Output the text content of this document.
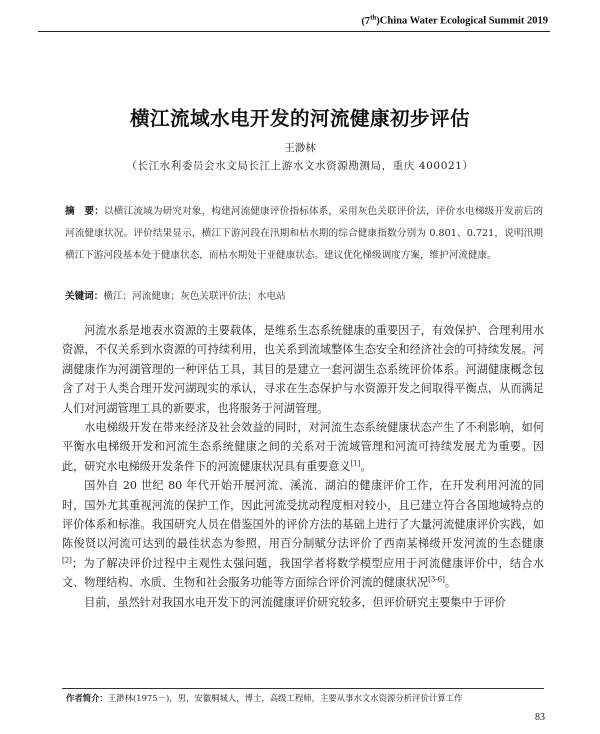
(7th)China Water Ecological Summit 2019
横江流域水电开发的河流健康初步评估
王渺林
（长江水利委员会水文局长江上游水文水资源勘测局，重庆 400021）
摘　要：以横江流域为研究对象，构建河流健康评价指标体系，采用灰色关联评价法，评价水电梯级开发前后的河流健康状况。评价结果显示，横江下游河段在汛期和枯水期的综合健康指数分别为 0.801、0.721，说明汛期横江下游河段基本处于健康状态，而枯水期处于亚健康状态。建议优化梯级调度方案，维护河流健康。
关键词：横江；河流健康；灰色关联评价法；水电站

河流水系是地表水资源的主要载体，是维系生态系统健康的重要因子，有效保护、合理利用水资源，不仅关系到水资源的可持续利用，也关系到流域整体生态安全和经济社会的可持续发展。河湖健康作为河湖管理的一种评估工具，其目的是建立一套河湖生态系统评价体系。河湖健康概念包含了对于人类合理开发河湖现实的承认，寻求在生态保护与水资源开发之间取得平衡点，从而满足人们对河湖管理工具的新要求，也将服务于河湖管理。

水电梯级开发在带来经济及社会效益的同时，对河流生态系统健康状态产生了不利影响，如何平衡水电梯级开发和河流生态系统健康之间的关系对于流域管理和河流可持续发展尤为重要。因此，研究水电梯级开发条件下的河流健康状况具有重要意义[1]。

国外自 20 世纪 80 年代开始开展河流、溪流、湖泊的健康评价工作，在开发利用河流的同时，国外尤其重视河流的保护工作，因此河流受扰动程度相对较小，且已建立符合各国地域特点的评价体系和标准。我国研究人员在借鉴国外的评价方法的基础上进行了大量河流健康评价实践，如陈俊贤以河流可达到的最佳状态为参照，用百分制赋分法评价了西南某梯级开发河流的生态健康[2]；为了解决评价过程中主观性太强问题，我国学者将数学模型应用于河流健康评价中，结合水文、物理结构、水质、生物和社会服务功能等方面综合评价河流的健康状况[3-6]。

目前，虽然针对我国水电开发下的河流健康评价研究较多，但评价研究主要集中于评价

作者简介：王渺林(1975－)，男，安徽桐城人，博士，高级工程师，主要从事水文水资源分析评价计算工作
83
